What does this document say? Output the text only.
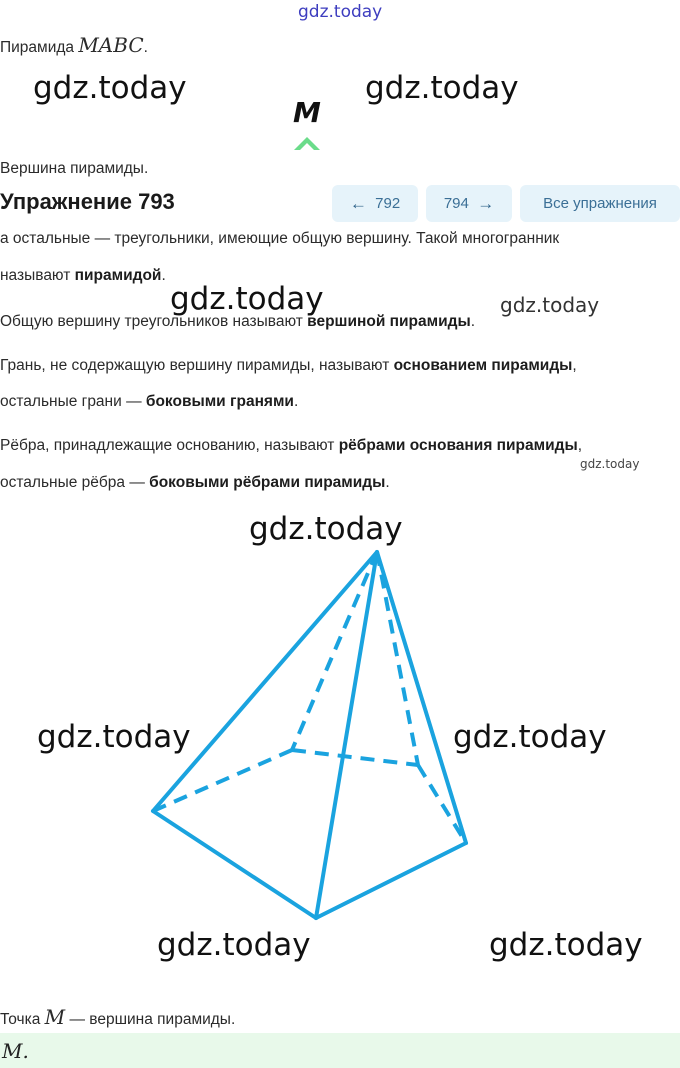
gdz.today
Пирамида MABC.
gdz.today	gdz.today
M
Вершина пирамиды.
Упражнение 793	←
792	794
→	Все упражнения
а остальные — треугольники, имеющие общую вершину. Такой многогранник
называют пирамидой.
gdz.today	gdz.today
Общую вершину треугольников называют вершиной пирамиды.
Грань, не содержащую вершину пирамиды, называют основанием пирамиды,
остальные грани — боковыми гранями.
Рёбра, принадлежащие основанию, называют рёбрами основания пирамиды,
gdz.today
остальные рёбра — боковыми рёбрами пирамиды.
gdz.today
gdz.today	gdz.today
gdz.today	gdz.today
Точка M — вершина пирамиды.
M.
